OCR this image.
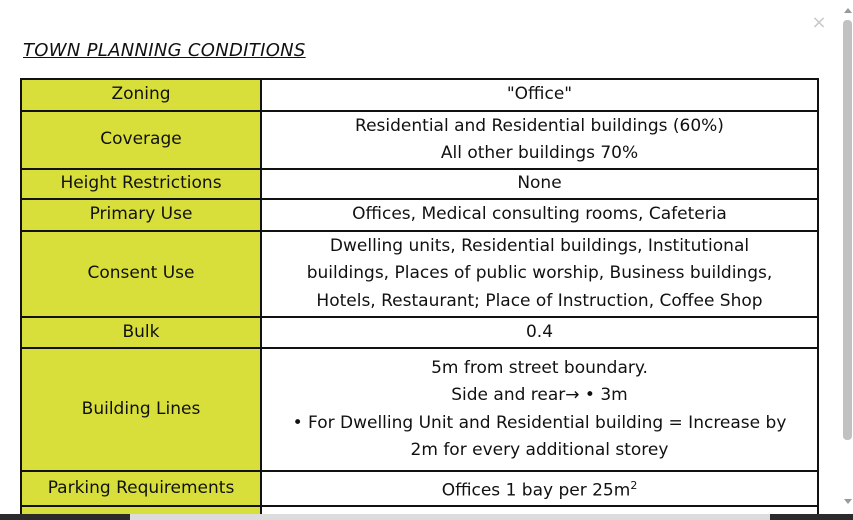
×
TOWN PLANNING CONDITIONS
Zoning	"Office"
Coverage	Residential and Residential buildings (60%)
All other buildings 70%

Height Restrictions	None
Primary Use	Offices, Medical consulting rooms, Cafeteria
Consent Use	Dwelling units, Residential buildings, Institutional
buildings, Places of public worship, Business buildings,
Hotels, Restaurant; Place of Instruction, Coffee Shop

Bulk	0.4
Building Lines	5m from street boundary.
Side and rear→ • 3m
• For Dwelling Unit and Residential building = Increase by
2m for every additional storey

Parking Requirements	Offices 1 bay per $25m^2$
